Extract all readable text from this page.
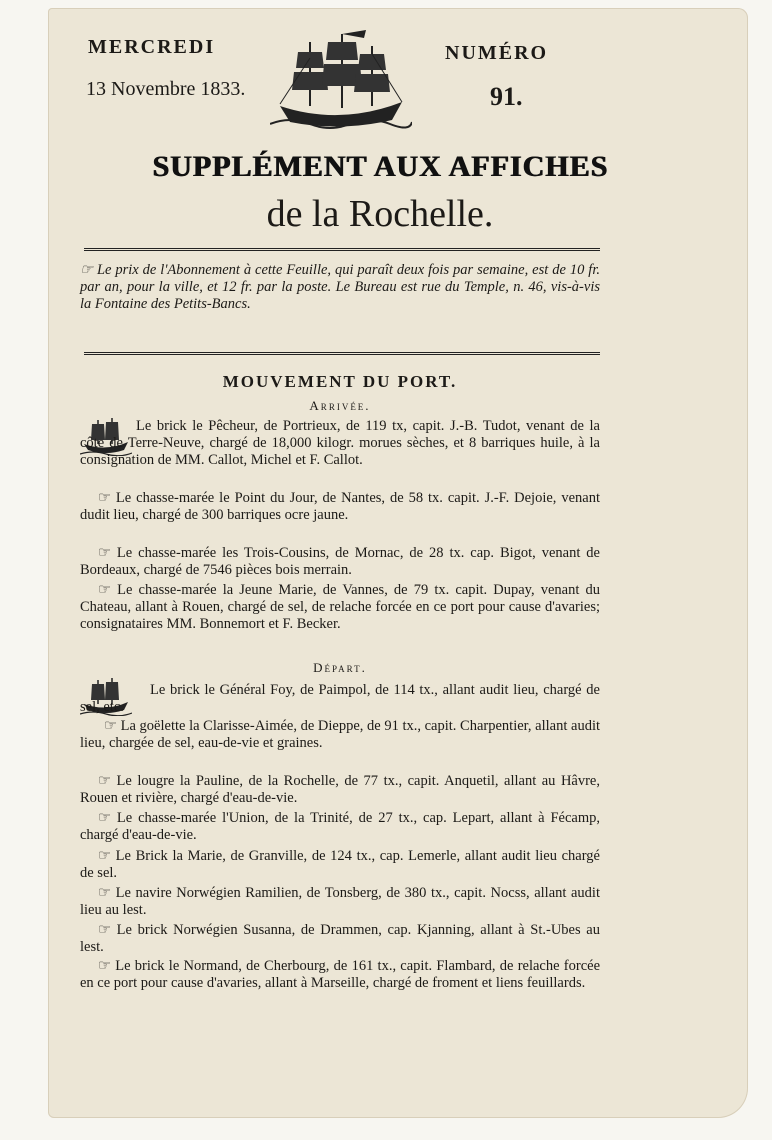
MERCREDI
13 Novembre 1833.
NUMÉRO
91.
SUPPLÉMENT AUX AFFICHES
de la Rochelle.
☞ Le prix de l'Abonnement à cette Feuille, qui paraît deux fois par semaine, est de 10 fr. par an, pour la ville, et 12 fr. par la poste. Le Bureau est rue du Temple, n. 46, vis-à-vis la Fontaine des Petits-Bancs.
MOUVEMENT DU PORT.
Arrivée.
Le brick le Pêcheur, de Portrieux, de 119 tx, capit. J.-B. Tudot, venant de la côte de Terre-Neuve, chargé de 18,000 kilogr. morues sèches, et 8 barriques huile, à la consignation de MM. Callot, Michel et F. Callot.
☞ Le chasse-marée le Point du Jour, de Nantes, de 58 tx. capit. J.-F. Dejoie, venant dudit lieu, chargé de 300 barriques ocre jaune.
☞ Le chasse-marée les Trois-Cousins, de Mornac, de 28 tx. cap. Bigot, venant de Bordeaux, chargé de 7546 pièces bois merrain.
☞ Le chasse-marée la Jeune Marie, de Vannes, de 79 tx. capit. Dupay, venant du Chateau, allant à Rouen, chargé de sel, de relache forcée en ce port pour cause d'avaries; consignataires MM. Bonnemort et F. Becker.
Départ.
Le brick le Général Foy, de Paimpol, de 114 tx., allant audit lieu, chargé de sel, etc.
☞ La goëlette la Clarisse-Aimée, de Dieppe, de 91 tx., capit. Charpentier, allant audit lieu, chargée de sel, eau-de-vie et graines.
☞ Le lougre la Pauline, de la Rochelle, de 77 tx., capit. Anquetil, allant au Hâvre, Rouen et rivière, chargé d'eau-de-vie.
☞ Le chasse-marée l'Union, de la Trinité, de 27 tx., cap. Lepart, allant à Fécamp, chargé d'eau-de-vie.
☞ Le Brick la Marie, de Granville, de 124 tx., cap. Lemerle, allant audit lieu chargé de sel.
☞ Le navire Norwégien Ramilien, de Tonsberg, de 380 tx., capit. Nocss, allant audit lieu au lest.
☞ Le brick Norwégien Susanna, de Drammen, cap. Kjanning, allant à St.-Ubes au lest.
☞ Le brick le Normand, de Cherbourg, de 161 tx., capit. Flambard, de relache forcée en ce port pour cause d'avaries, allant à Marseille, chargé de froment et liens feuillards.
